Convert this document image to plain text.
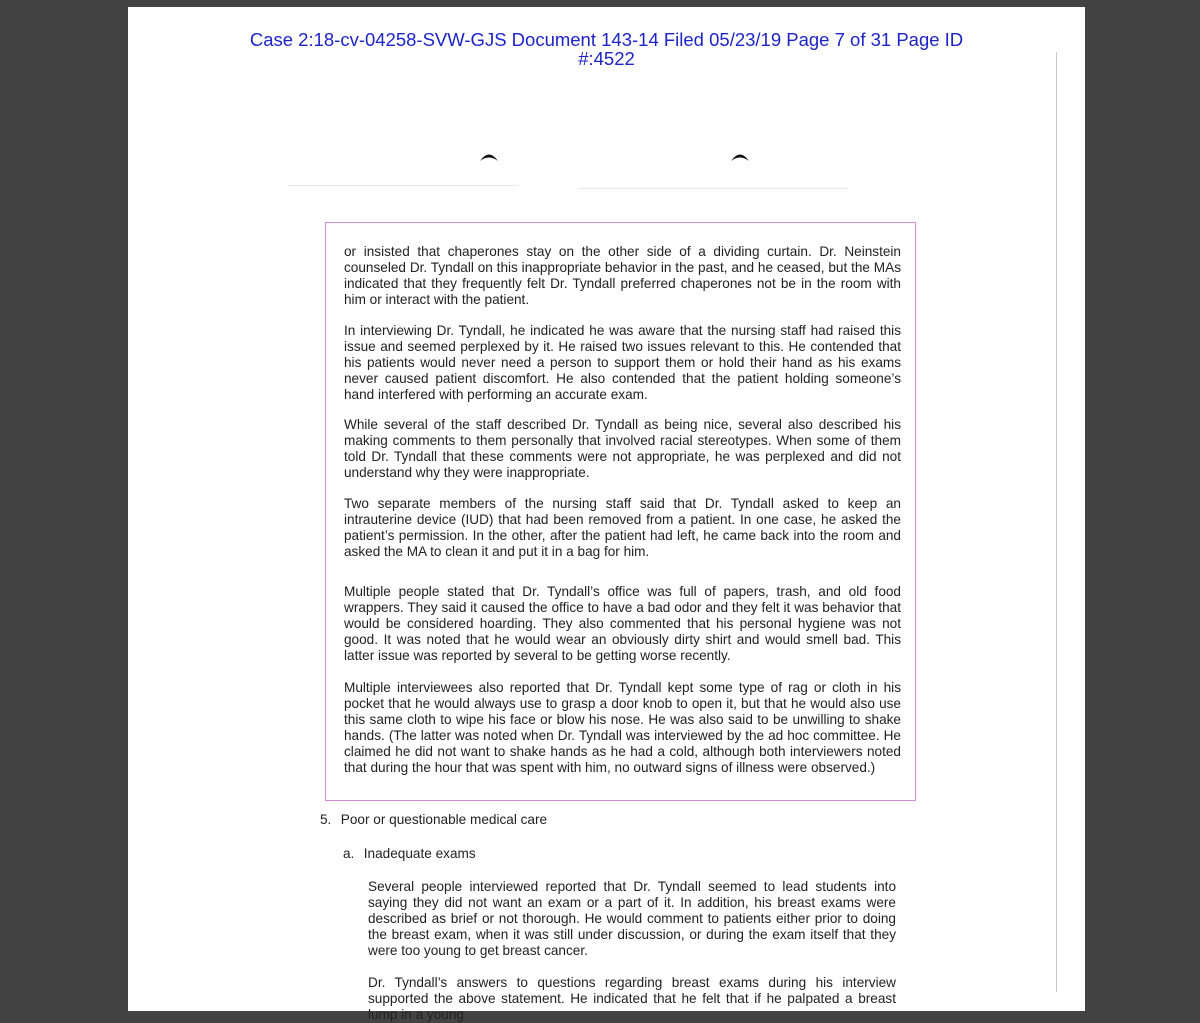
Case 2:18-cv-04258-SVW-GJS Document 143-14 Filed 05/23/19 Page 7 of 31 Page ID
#:4522

or insisted that chaperones stay on the other side of a dividing curtain. Dr. Neinstein counseled Dr. Tyndall on this inappropriate behavior in the past, and he ceased, but the MAs indicated that they frequently felt Dr. Tyndall preferred chaperones not be in the room with him or interact with the patient.

In interviewing Dr. Tyndall, he indicated he was aware that the nursing staff had raised this issue and seemed perplexed by it. He raised two issues relevant to this. He contended that his patients would never need a person to support them or hold their hand as his exams never caused patient discomfort. He also contended that the patient holding someone’s hand interfered with performing an accurate exam.

While several of the staff described Dr. Tyndall as being nice, several also described his making comments to them personally that involved racial stereotypes. When some of them told Dr. Tyndall that these comments were not appropriate, he was perplexed and did not understand why they were inappropriate.

Two separate members of the nursing staff said that Dr. Tyndall asked to keep an intrauterine device (IUD) that had been removed from a patient. In one case, he asked the patient’s permission. In the other, after the patient had left, he came back into the room and asked the MA to clean it and put it in a bag for him.

Multiple people stated that Dr. Tyndall’s office was full of papers, trash, and old food wrappers. They said it caused the office to have a bad odor and they felt it was behavior that would be considered hoarding. They also commented that his personal hygiene was not good. It was noted that he would wear an obviously dirty shirt and would smell bad. This latter issue was reported by several to be getting worse recently.

Multiple interviewees also reported that Dr. Tyndall kept some type of rag or cloth in his pocket that he would always use to grasp a door knob to open it, but that he would also use this same cloth to wipe his face or blow his nose. He was also said to be unwilling to shake hands. (The latter was noted when Dr. Tyndall was interviewed by the ad hoc committee. He claimed he did not want to shake hands as he had a cold, although both interviewers noted that during the hour that was spent with him, no outward signs of illness were observed.)

5. Poor or questionable medical care

a. Inadequate exams

Several people interviewed reported that Dr. Tyndall seemed to lead students into saying they did not want an exam or a part of it. In addition, his breast exams were described as brief or not thorough. He would comment to patients either prior to doing the breast exam, when it was still under discussion, or during the exam itself that they were too young to get breast cancer.

Dr. Tyndall’s answers to questions regarding breast exams during his interview supported the above statement. He indicated that he felt that if he palpated a breast lump in a young
